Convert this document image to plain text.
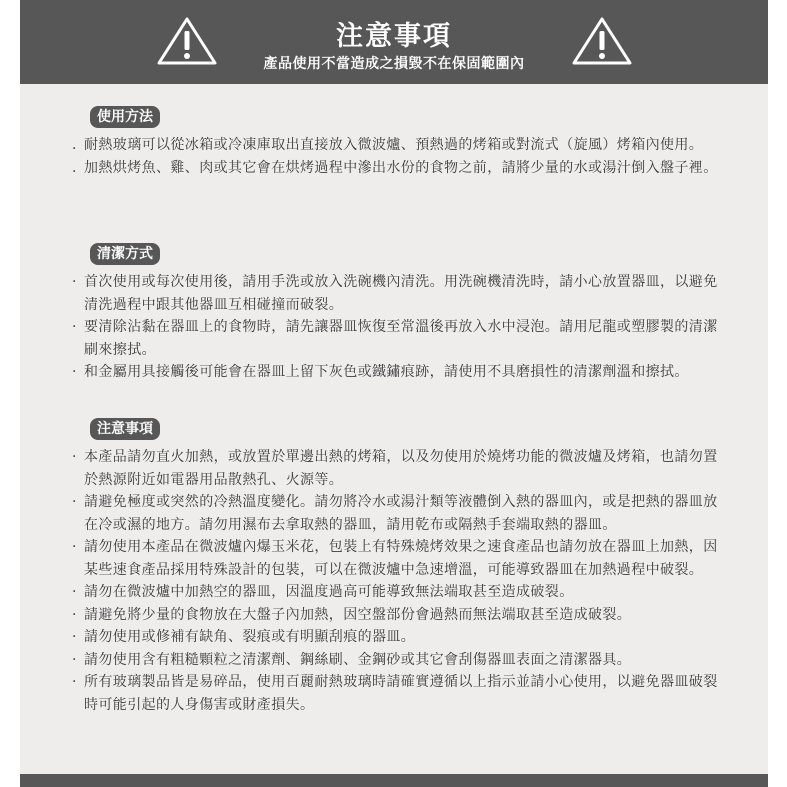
注意事項
產品使用不當造成之損毀不在保固範圍內
使用方法
. 耐熱玻璃可以從冰箱或冷凍庫取出直接放入微波爐、預熱過的烤箱或對流式（旋風）烤箱內使用。
. 加熱烘烤魚、雞、肉或其它會在烘烤過程中滲出水份的食物之前，請將少量的水或湯汁倒入盤子裡。
清潔方式
· 首次使用或每次使用後，請用手洗或放入洗碗機內清洗。用洗碗機清洗時，請小心放置器皿，以避免清洗過程中跟其他器皿互相碰撞而破裂。
· 要清除沾黏在器皿上的食物時，請先讓器皿恢復至常溫後再放入水中浸泡。請用尼龍或塑膠製的清潔刷來擦拭。
· 和金屬用具接觸後可能會在器皿上留下灰色或鐵鏽痕跡，請使用不具磨損性的清潔劑溫和擦拭。
注意事項
· 本產品請勿直火加熱，或放置於單邊出熱的烤箱，以及勿使用於燒烤功能的微波爐及烤箱，也請勿置於熱源附近如電器用品散熱孔、火源等。
· 請避免極度或突然的冷熱溫度變化。請勿將冷水或湯汁類等液體倒入熱的器皿內，或是把熱的器皿放在冷或濕的地方。請勿用濕布去拿取熱的器皿，請用乾布或隔熱手套端取熱的器皿。
· 請勿使用本產品在微波爐內爆玉米花，包裝上有特殊燒烤效果之速食產品也請勿放在器皿上加熱，因某些速食產品採用特殊設計的包裝，可以在微波爐中急速增溫，可能導致器皿在加熱過程中破裂。
· 請勿在微波爐中加熱空的器皿，因溫度過高可能導致無法端取甚至造成破裂。
· 請避免將少量的食物放在大盤子內加熱，因空盤部份會過熱而無法端取甚至造成破裂。
· 請勿使用或修補有缺角、裂痕或有明顯刮痕的器皿。
· 請勿使用含有粗糙顆粒之清潔劑、鋼絲刷、金鋼砂或其它會刮傷器皿表面之清潔器具。
· 所有玻璃製品皆是易碎品，使用百麗耐熱玻璃時請確實遵循以上指示並請小心使用，以避免器皿破裂時可能引起的人身傷害或財產損失。
